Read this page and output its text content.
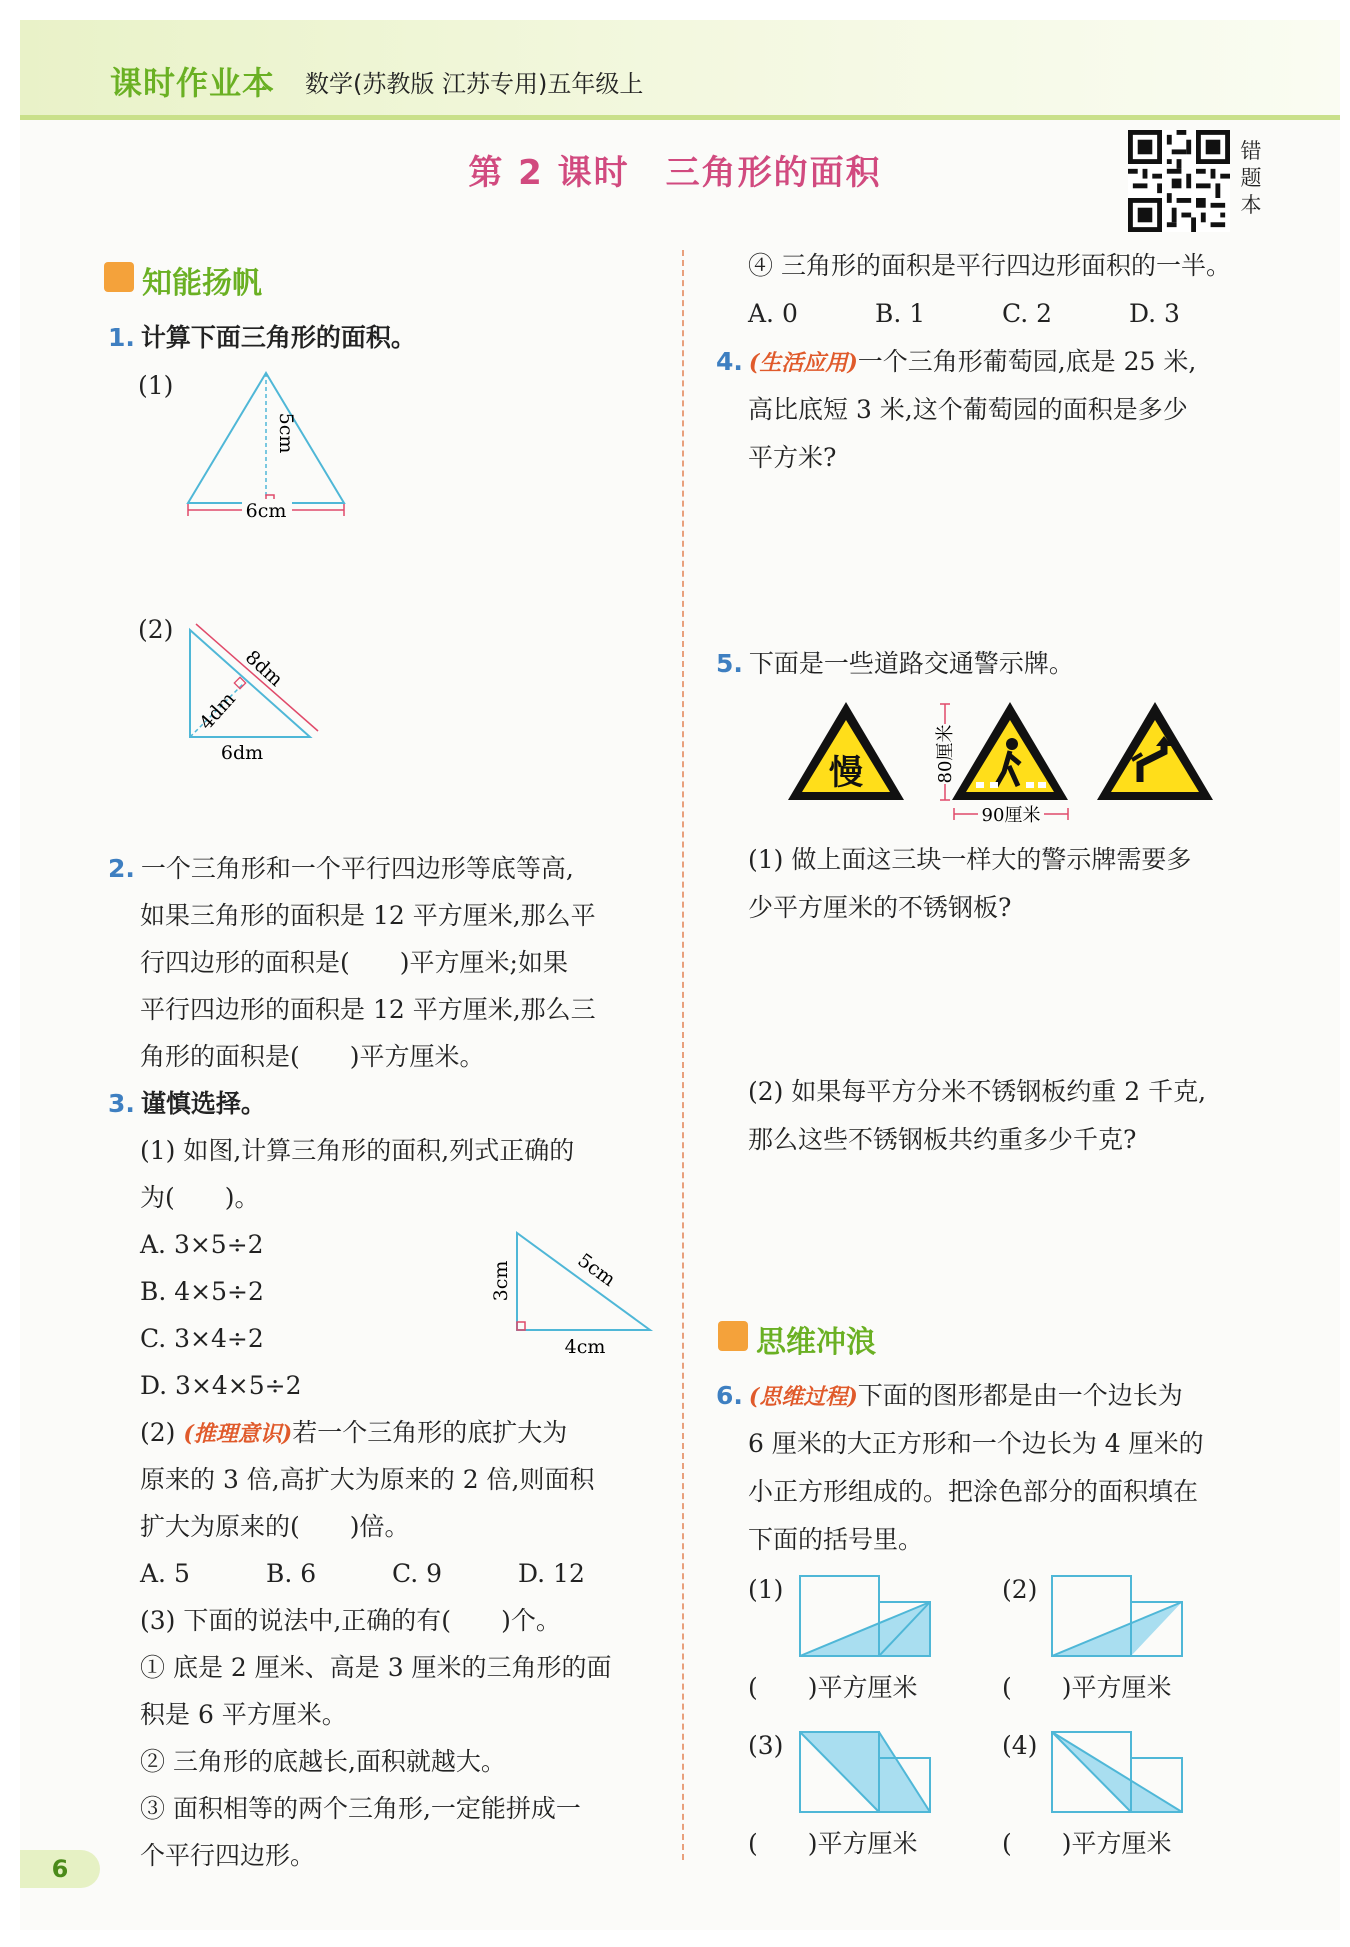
课时作业本 数学(苏教版 江苏专用)五年级上
第 2 课时　三角形的面积
错题本
知能扬帆
1. 计算下面三角形的面积。
(1)
6cm
5cm
(2)
8dm
4dm
6dm
2. 一个三角形和一个平行四边形等底等高,
如果三角形的面积是 12 平方厘米,那么平
行四边形的面积是( )平方厘米;如果
平行四边形的面积是 12 平方厘米,那么三
角形的面积是( )平方厘米。
3. 谨慎选择。
(1) 如图,计算三角形的面积,列式正确的
为( )。
A. 3×5÷2
B. 4×5÷2
C. 3×4÷2
D. 3×4×5÷2
3cm	5cm
4cm
(2) (推理意识)若一个三角形的底扩大为
原来的 3 倍,高扩大为原来的 2 倍,则面积
扩大为原来的( )倍。
A. 5	B. 6	C. 9	D. 12
(3) 下面的说法中,正确的有( )个。
① 底是 2 厘米、高是 3 厘米的三角形的面
积是 6 平方厘米。
② 三角形的底越长,面积就越大。
③ 面积相等的两个三角形,一定能拼成一
个平行四边形。
④ 三角形的面积是平行四边形面积的一半。
A. 0	B. 1	C. 2	D. 3
4. (生活应用)一个三角形葡萄园,底是 25 米,
高比底短 3 米,这个葡萄园的面积是多少
平方米?
5. 下面是一些道路交通警示牌。
慢	80厘米
90厘米
(1) 做上面这三块一样大的警示牌需要多
少平方厘米的不锈钢板?
(2) 如果每平方分米不锈钢板约重 2 千克,
那么这些不锈钢板共约重多少千克?
思维冲浪
6. (思维过程)下面的图形都是由一个边长为
6 厘米的大正方形和一个边长为 4 厘米的
小正方形组成的。把涂色部分的面积填在
下面的括号里。
(1)
( )平方厘米
(2)
( )平方厘米
(3)
( )平方厘米
(4)
( )平方厘米
6
